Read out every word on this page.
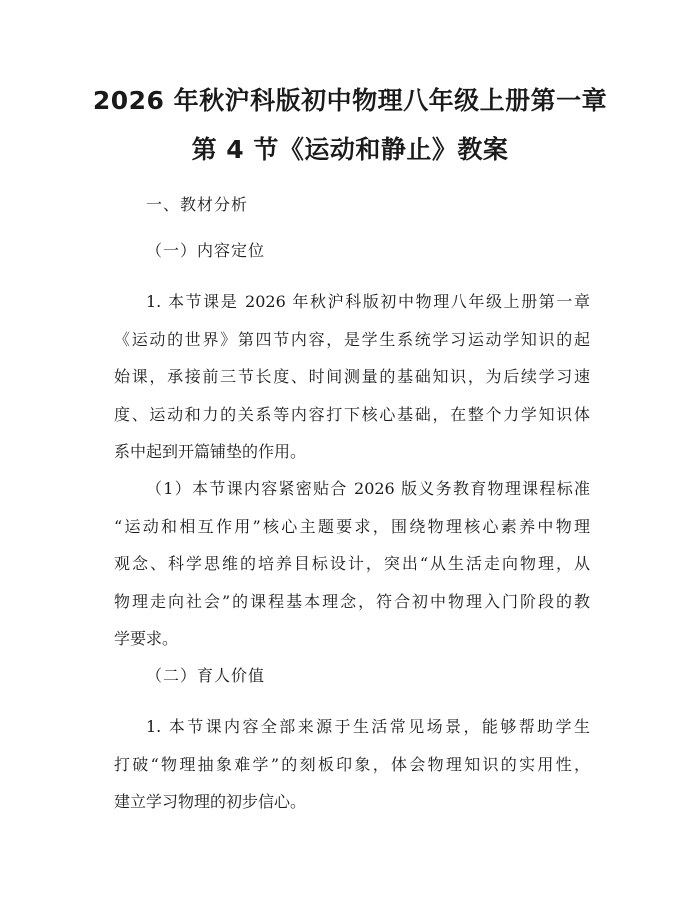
2026 年秋沪科版初中物理八年级上册第一章
第 4 节《运动和静止》教案
一、教材分析
（一）内容定位
1. 本节课是 2026 年秋沪科版初中物理八年级上册第一章
《运动的世界》第四节内容，是学生系统学习运动学知识的起
始课，承接前三节长度、时间测量的基础知识，为后续学习速
度、运动和力的关系等内容打下核心基础，在整个力学知识体
系中起到开篇铺垫的作用。
（1）本节课内容紧密贴合 2026 版义务教育物理课程标准
“运动和相互作用”核心主题要求，围绕物理核心素养中物理
观念、科学思维的培养目标设计，突出“从生活走向物理，从
物理走向社会”的课程基本理念，符合初中物理入门阶段的教
学要求。
（二）育人价值
1. 本节课内容全部来源于生活常见场景，能够帮助学生
打破“物理抽象难学”的刻板印象，体会物理知识的实用性，
建立学习物理的初步信心。
